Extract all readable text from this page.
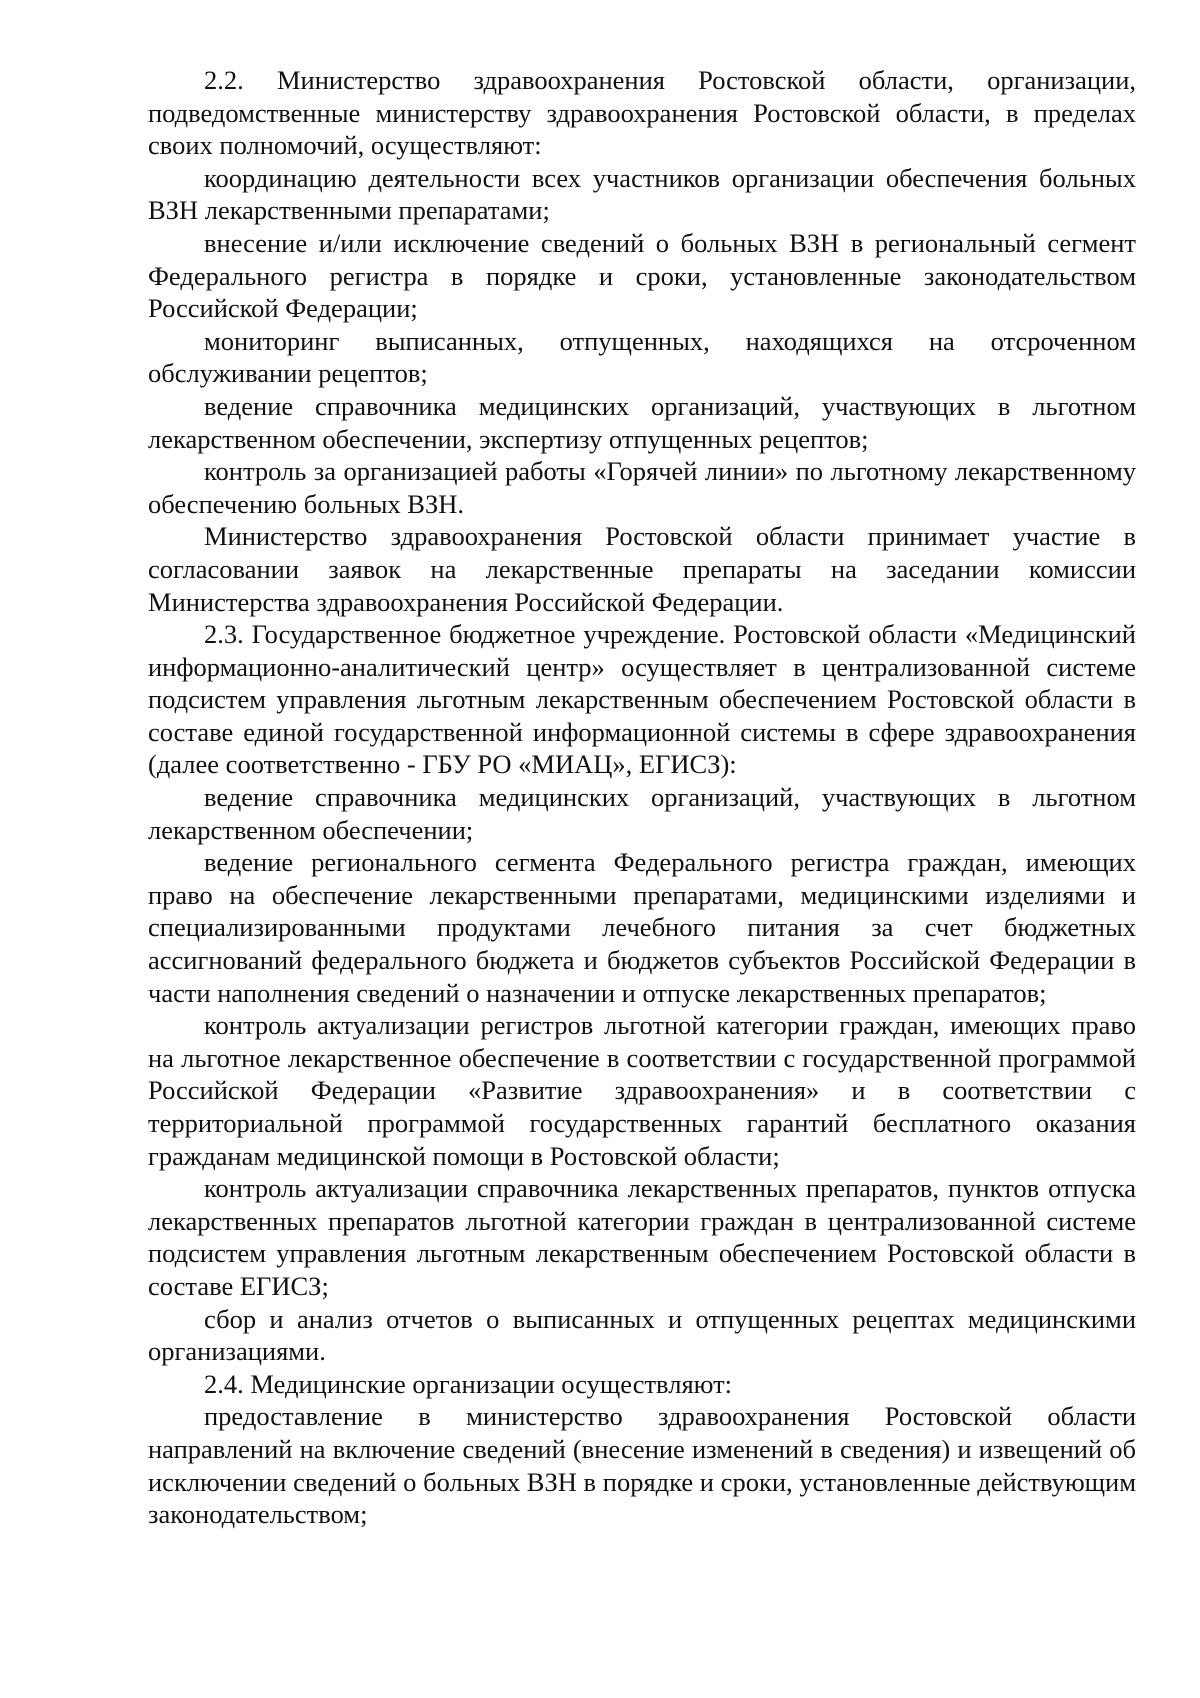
2.2. Министерство здравоохранения Ростовской области, организации, подведомственные министерству здравоохранения Ростовской области, в пределах своих полномочий, осуществляют:

координацию деятельности всех участников организации обеспечения больных ВЗН лекарственными препаратами;

внесение и/или исключение сведений о больных ВЗН в региональный сегмент Федерального регистра в порядке и сроки, установленные законодательством Российской Федерации;

мониторинг выписанных, отпущенных, находящихся на отсроченном обслуживании рецептов;

ведение справочника медицинских организаций, участвующих в льготном лекарственном обеспечении, экспертизу отпущенных рецептов;

контроль за организацией работы «Горячей линии» по льготному лекарственному обеспечению больных ВЗН.

Министерство здравоохранения Ростовской области принимает участие в согласовании заявок на лекарственные препараты на заседании комиссии Министерства здравоохранения Российской Федерации.

2.3. Государственное бюджетное учреждение. Ростовской области «Медицинский информационно-аналитический центр» осуществляет в централизованной системе подсистем управления льготным лекарственным обеспечением Ростовской области в составе единой государственной информационной системы в сфере здравоохранения (далее соответственно - ГБУ РО «МИАЦ», ЕГИСЗ):

ведение справочника медицинских организаций, участвующих в льготном лекарственном обеспечении;

ведение регионального сегмента Федерального регистра граждан, имеющих право на обеспечение лекарственными препаратами, медицинскими изделиями и специализированными продуктами лечебного питания за счет бюджетных ассигнований федерального бюджета и бюджетов субъектов Российской Федерации в части наполнения сведений о назначении и отпуске лекарственных препаратов;

контроль актуализации регистров льготной категории граждан, имеющих право на льготное лекарственное обеспечение в соответствии с государственной программой Российской Федерации «Развитие здравоохранения» и в соответствии с территориальной программой государственных гарантий бесплатного оказания гражданам медицинской помощи в Ростовской области;

контроль актуализации справочника лекарственных препаратов, пунктов отпуска лекарственных препаратов льготной категории граждан в централизованной системе подсистем управления льготным лекарственным обеспечением Ростовской области в составе ЕГИСЗ;

сбор и анализ отчетов о выписанных и отпущенных рецептах медицинскими организациями.

2.4. Медицинские организации осуществляют:

предоставление в министерство здравоохранения Ростовской области направлений на включение сведений (внесение изменений в сведения) и извещений об исключении сведений о больных ВЗН в порядке и сроки, установленные действующим законодательством;
